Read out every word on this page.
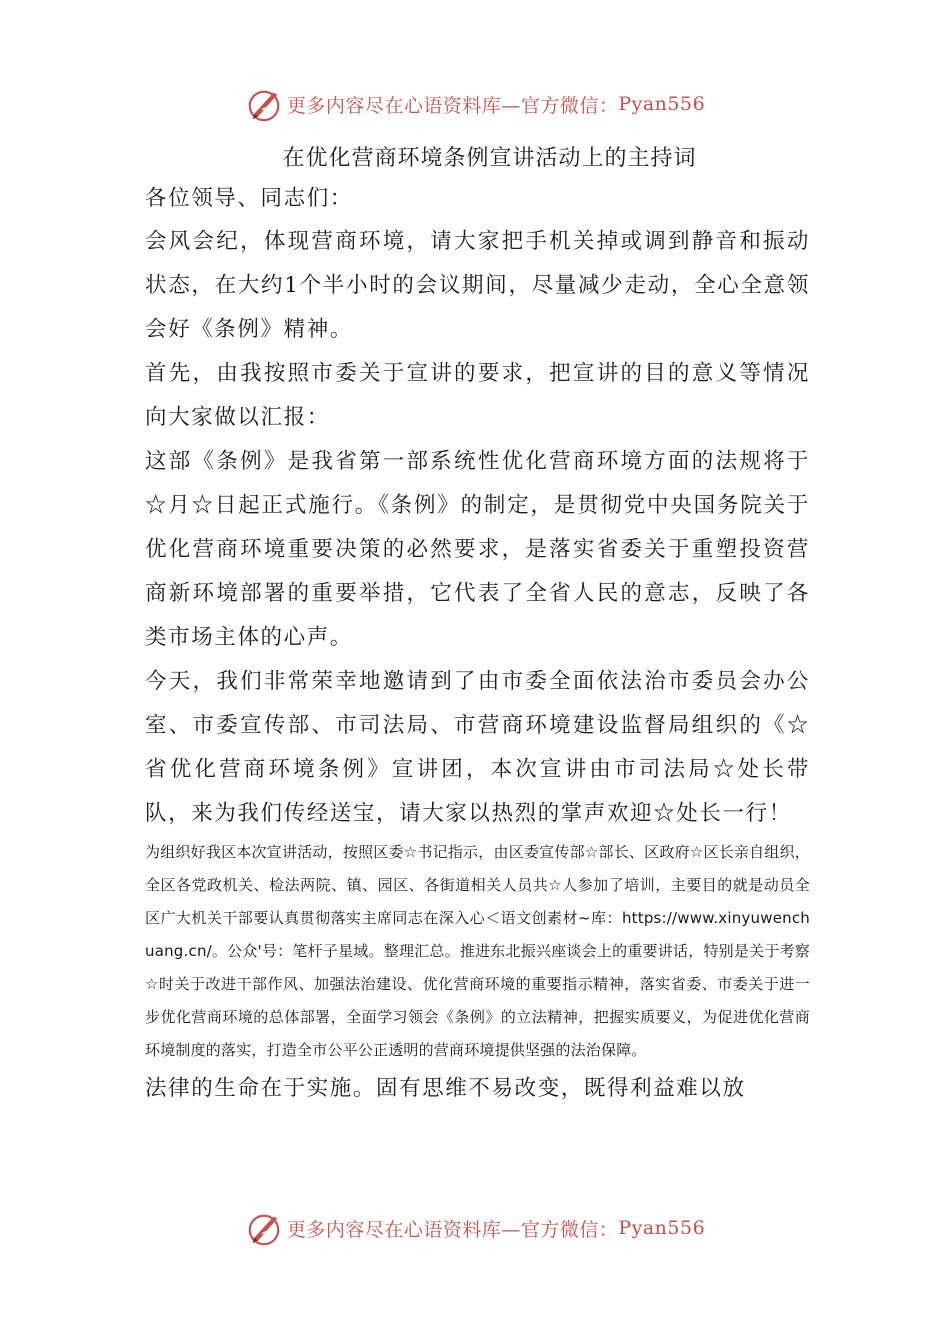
更多内容尽在心语资料库—官方微信： Pyan556
在优化营商环境条例宣讲活动上的主持词

各位领导、同志们：

会风会纪，体现营商环境，请大家把手机关掉或调到静音和振动状态，在大约1个半小时的会议期间，尽量减少走动，全心全意领会好《条例》精神。

首先，由我按照市委关于宣讲的要求，把宣讲的目的意义等情况向大家做以汇报：

这部《条例》是我省第一部系统性优化营商环境方面的法规将于☆月☆日起正式施行。《条例》的制定，是贯彻党中央国务院关于优化营商环境重要决策的必然要求，是落实省委关于重塑投资营商新环境部署的重要举措，它代表了全省人民的意志，反映了各类市场主体的心声。

今天，我们非常荣幸地邀请到了由市委全面依法治市委员会办公室、市委宣传部、市司法局、市营商环境建设监督局组织的《☆省优化营商环境条例》宣讲团，本次宣讲由市司法局☆处长带队，来为我们传经送宝，请大家以热烈的掌声欢迎☆处长一行！

为组织好我区本次宣讲活动，按照区委☆书记指示，由区委宣传部☆部长、区政府☆区长亲自组织，全区各党政机关、检法两院、镇、园区、各街道相关人员共☆人参加了培训，主要目的就是动员全区广大机关干部要认真贯彻落实主席同志在深入心＜语文创素材~库：https://www.xinyuwenchuang.cn/。公众'号：笔杆子星域。整理汇总。推进东北振兴座谈会上的重要讲话，特别是关于考察☆时关于改进干部作风、加强法治建设、优化营商环境的重要指示精神，落实省委、市委关于进一步优化营商环境的总体部署，全面学习领会《条例》的立法精神，把握实质要义，为促进优化营商环境制度的落实，打造全市公平公正透明的营商环境提供坚强的法治保障。

法律的生命在于实施。固有思维不易改变，既得利益难以放

更多内容尽在心语资料库—官方微信： Pyan556
